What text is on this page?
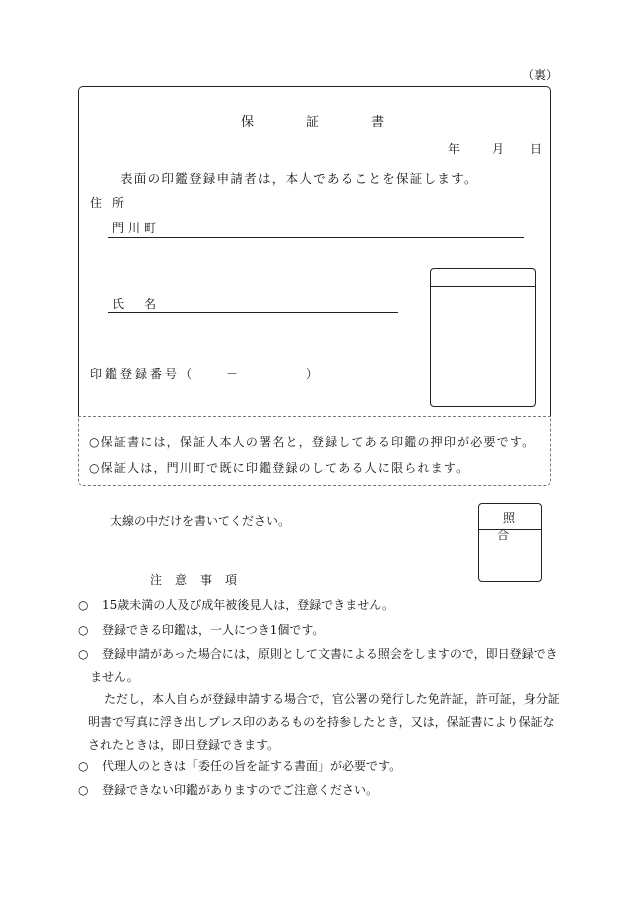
（裏）
保証書
年	月 日
表面の印鑑登録申請者は，本人であることを保証します。
住所
門川町
氏名
印鑑登録番号（	－	）
○保証書には，保証人本人の署名と，登録してある印鑑の押印が必要です。
○保証人は，門川町で既に印鑑登録のしてある人に限られます。
太線の中だけを書いてください。	照合
注意事項
○ 15歳未満の人及び成年被後見人は，登録できません。
○ 登録できる印鑑は，一人につき1個です。
○ 登録申請があった場合には，原則として文書による照会をしますので，即日登録でき
ません。
ただし，本人自らが登録申請する場合で，官公署の発行した免許証，許可証，身分証
明書で写真に浮き出しプレス印のあるものを持参したとき，又は，保証書により保証な
されたときは，即日登録できます。
○ 代理人のときは「委任の旨を証する書面」が必要です。
○ 登録できない印鑑がありますのでご注意ください。
